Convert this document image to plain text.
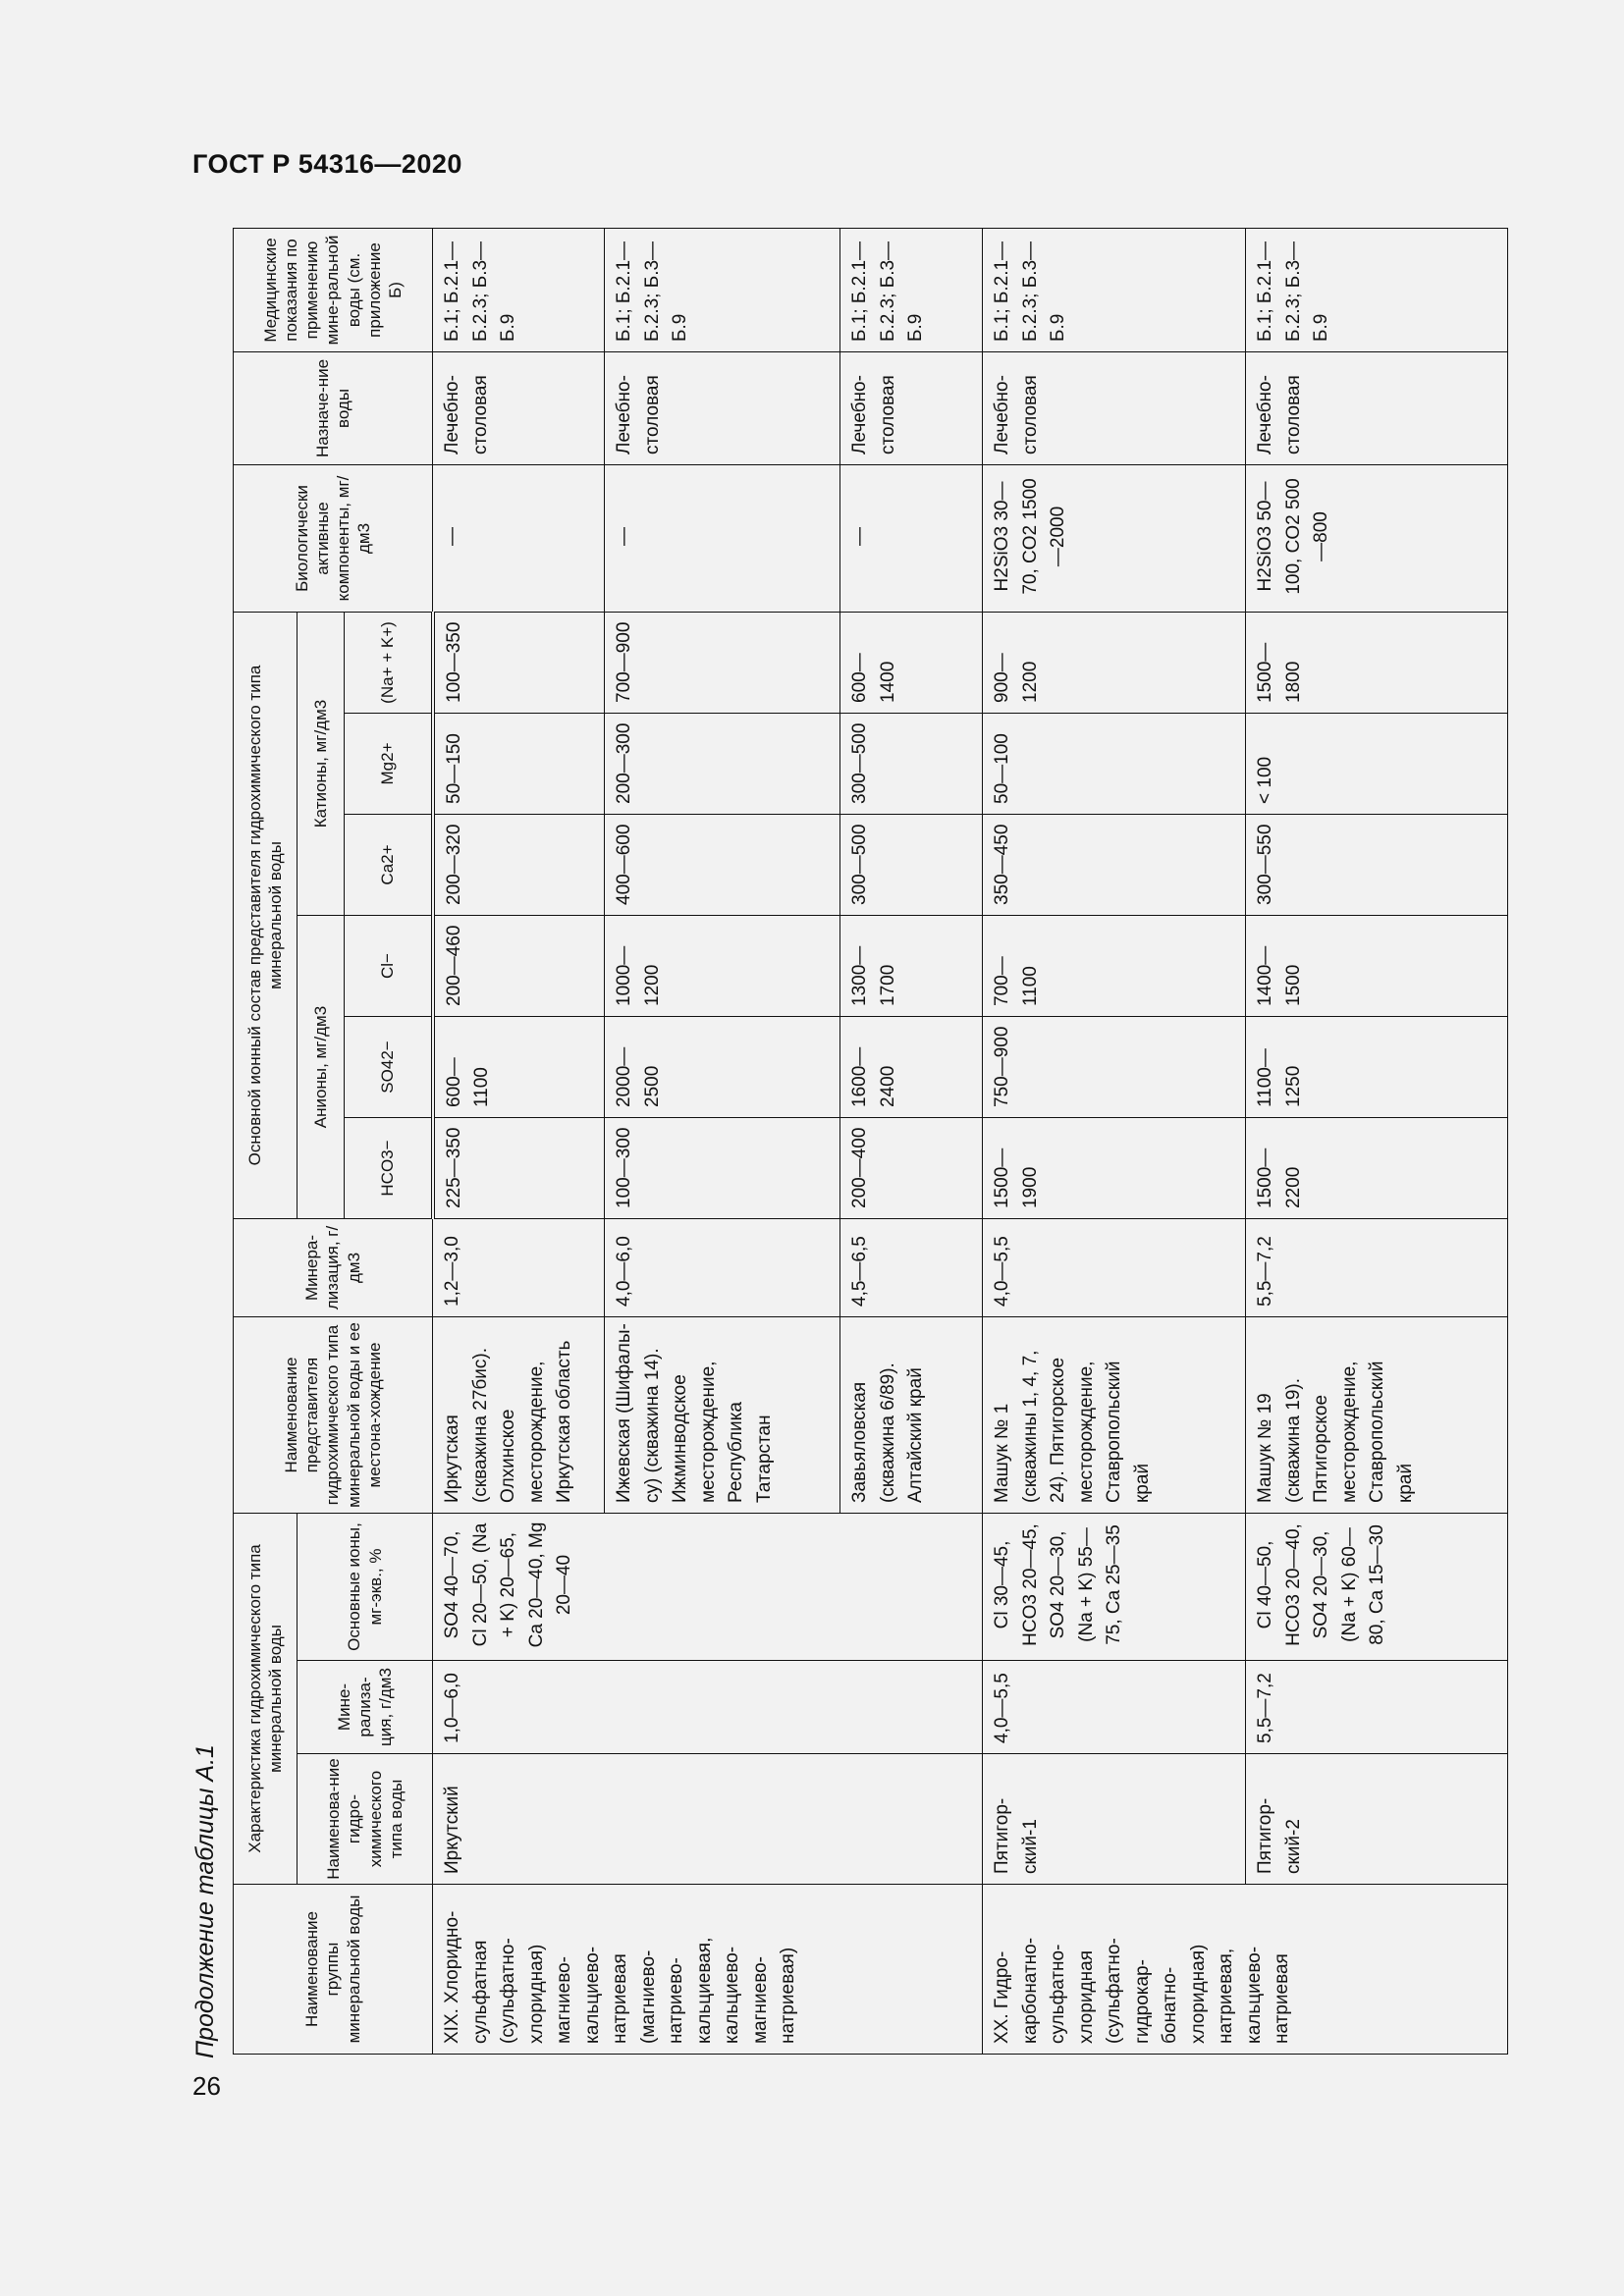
ГОСТ Р 54316—2020
26
Продолжение таблицы А.1	Наименование группы минеральной воды	Характеристика гидрохимического типа минеральной воды			Наименование представителя гидрохимического типа минеральной воды и ее местона-хождение	Минера-лизация, г/дм3	Основной ионный состав представителя гидрохимического типа минеральной воды						Биологически активные компоненты, мг/дм3	Назначе-ние воды	Медицинские показания по применению мине-ральной воды (см. приложение Б)
	Наименова-ние гидро-химического типа воды	Мине-рализа-ция, г/дм3	Основные ионы, мг-экв., %			Анионы, мг/дм3			Катионы, мг/дм3					
						HCO3−	SO42−	Cl−	Ca2+	Mg2+	(Na+ + K+)			
XIX. Хлоридно-сульфатная (сульфатно-хлоридная) магниево-кальциево-натриевая (магниево-натриево-кальциевая, кальциево-магниево-натриевая)	Иркутский	1,0—6,0	SO4 40—70, Cl 20—50, (Na + K) 20—65, Ca 20—40, Mg 20—40	Иркутская (скважина 27бис). Олхинское месторождение, Иркутская область	1,2—3,0	225—350	600—1100	200—460	200—320	50—150	100—350	—	Лечебно-столовая	Б.1; Б.2.1— Б.2.3; Б.3—Б.9
				Ижевская (Шифалы-су) (скважина 14). Ижминводское месторождение, Республика Татарстан	4,0—6,0	100—300	2000—2500	1000—1200	400—600	200—300	700—900	—	Лечебно-столовая	Б.1; Б.2.1— Б.2.3; Б.3—Б.9
				Завьяловская (скважина 6/89). Алтайский край	4,5—6,5	200—400	1600—2400	1300—1700	300—500	300—500	600—1400	—	Лечебно-столовая	Б.1; Б.2.1— Б.2.3; Б.3—Б.9
XX. Гидро-карбонатно-сульфатно-хлоридная (сульфатно-гидрокар-бонатно-хлоридная) натриевая, кальциево-натриевая	Пятигор-ский-1	4,0—5,5	Cl 30—45, HCO3 20—45, SO4 20—30, (Na + K) 55—75, Ca 25—35	Машук № 1 (скважины 1, 4, 7, 24). Пятигорское месторождение, Ставропольский край	4,0—5,5	1500—1900	750—900	700—1100	350—450	50—100	900—1200	H2SiO3 30—70, CO2 1500—2000	Лечебно-столовая	Б.1; Б.2.1— Б.2.3; Б.3—Б.9
	Пятигор-ский-2	5,5—7,2	Cl 40—50, HCO3 20—40, SO4 20—30, (Na + K) 60—80, Ca 15—30	Машук № 19 (скважина 19). Пятигорское месторождение, Ставропольский край	5,5—7,2	1500—2200	1100—1250	1400—1500	300—550	< 100	1500—1800	H2SiO3 50—100, CO2 500—800	Лечебно-столовая	Б.1; Б.2.1— Б.2.3; Б.3—Б.9
